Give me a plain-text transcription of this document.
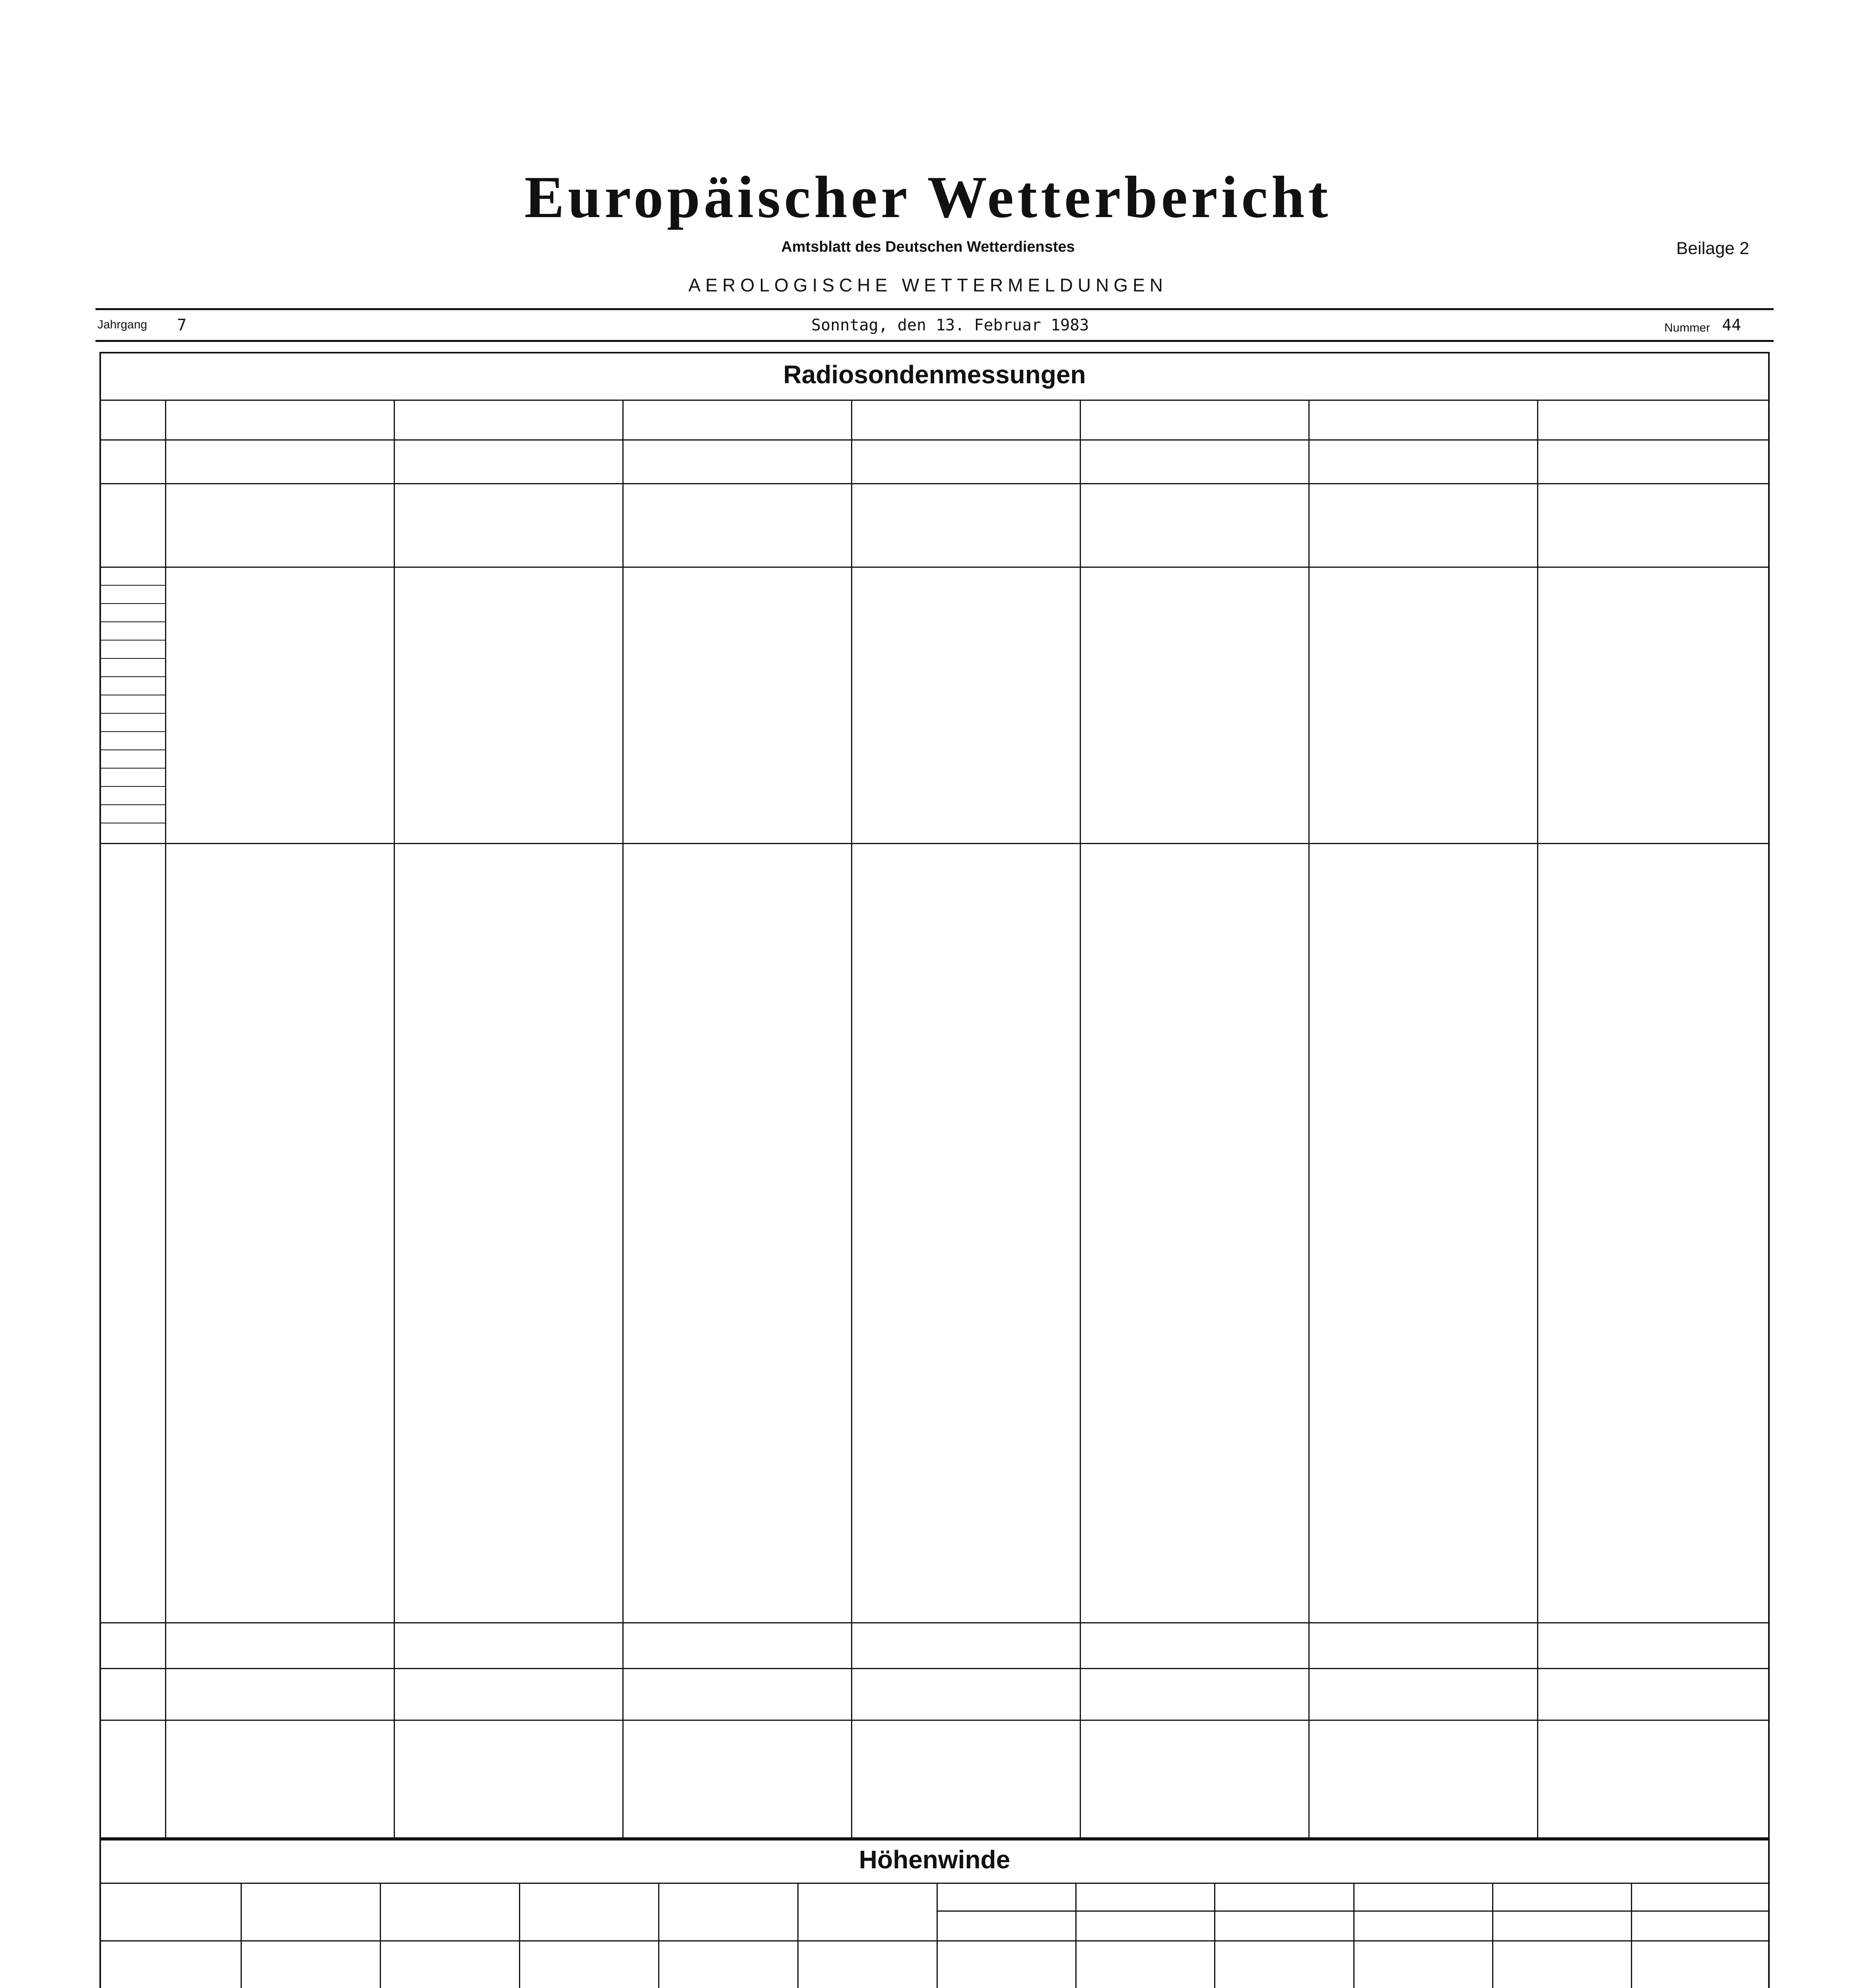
Europäischer Wetterbericht
Amtsblatt des Deutschen Wetterdienstes
AEROLOGISCHE WETTERMELDUNGEN
Beilage 2
Jahrgang 7	Sonntag, den 13. Februar 1983	Nummer 44
Radiosondenmessungen
Höhenwinde
